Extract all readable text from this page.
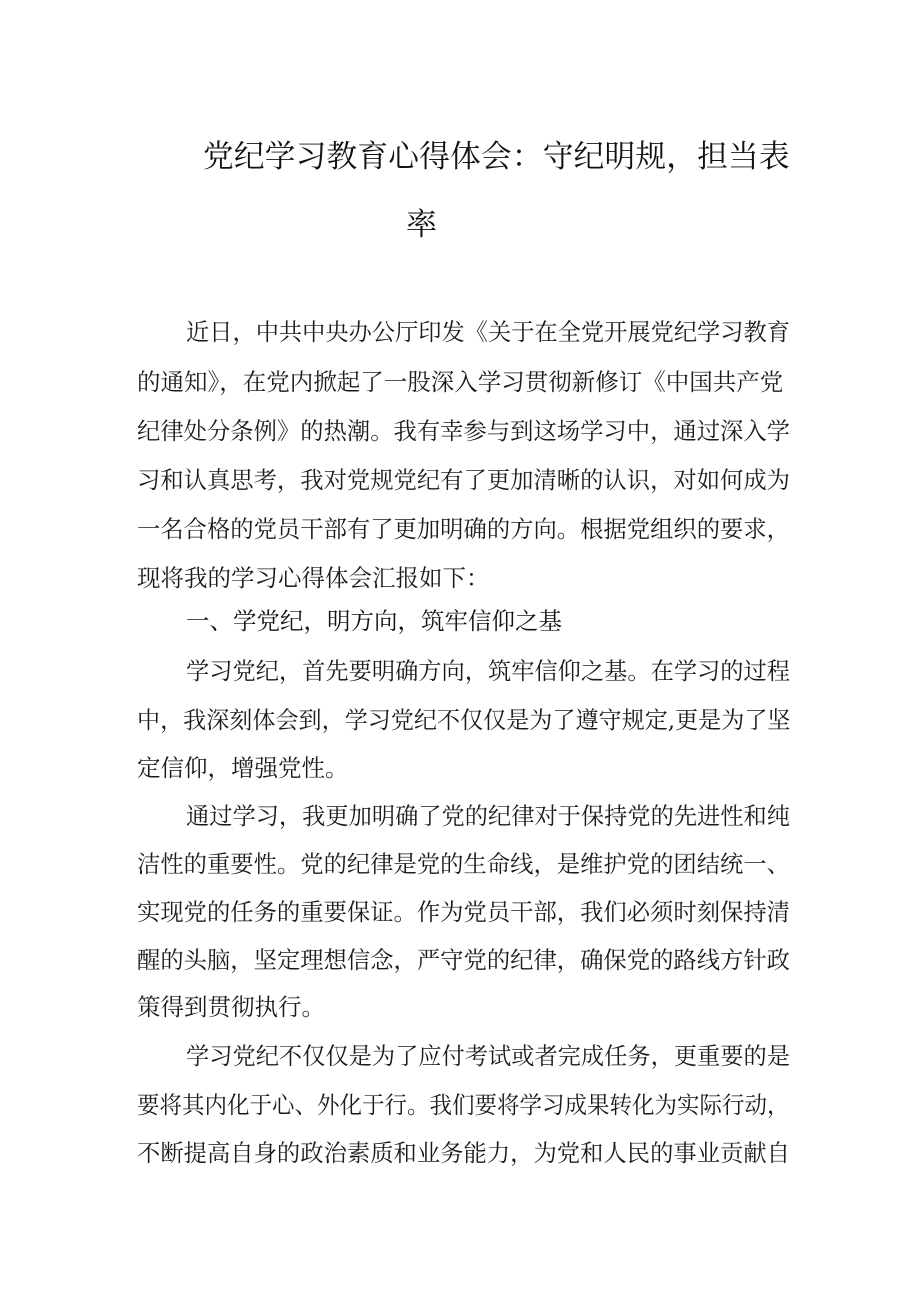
党纪学习教育心得体会：守纪明规，担当表
率
近日，中共中央办公厅印发《关于在全党开展党纪学习教育
的通知》，在党内掀起了一股深入学习贯彻新修订《中国共产党
纪律处分条例》的热潮。我有幸参与到这场学习中，通过深入学
习和认真思考，我对党规党纪有了更加清晰的认识，对如何成为
一名合格的党员干部有了更加明确的方向。根据党组织的要求，
现将我的学习心得体会汇报如下：
一、学党纪，明方向，筑牢信仰之基
学习党纪，首先要明确方向，筑牢信仰之基。在学习的过程
中，我深刻体会到，学习党纪不仅仅是为了遵守规定,更是为了坚
定信仰，增强党性。
通过学习，我更加明确了党的纪律对于保持党的先进性和纯
洁性的重要性。党的纪律是党的生命线，是维护党的团结统一、
实现党的任务的重要保证。作为党员干部，我们必须时刻保持清
醒的头脑，坚定理想信念，严守党的纪律，确保党的路线方针政
策得到贯彻执行。
学习党纪不仅仅是为了应付考试或者完成任务，更重要的是
要将其内化于心、外化于行。我们要将学习成果转化为实际行动，
不断提高自身的政治素质和业务能力，为党和人民的事业贡献自
